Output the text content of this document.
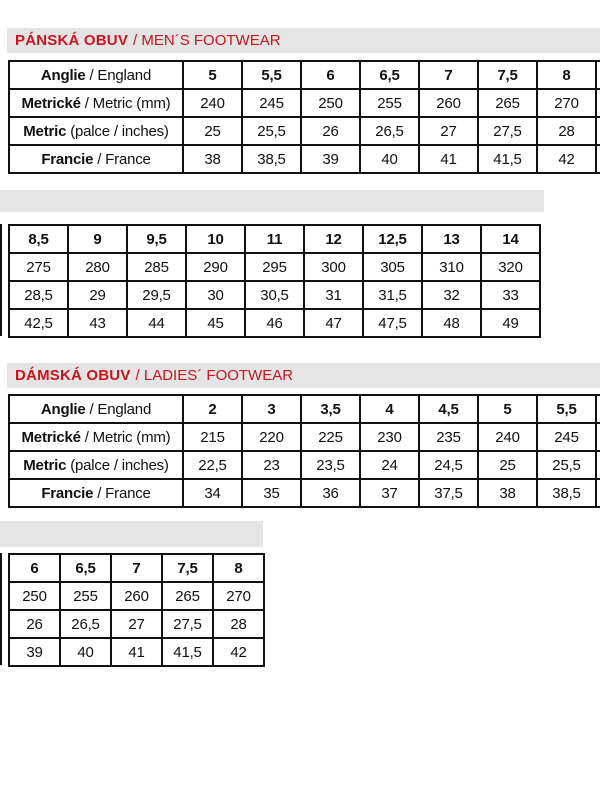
PÁNSKÁ OBUV / MEN´S FOOTWEAR
Anglie / England	5	5,5	6	6,5	7	7,5	8	
Metrické / Metric (mm)	240	245	250	255	260	265	270	
Metric (palce / inches)	25	25,5	26	26,5	27	27,5	28	
Francie / France	38	38,5	39	40	41	41,5	42	
8,5	9	9,5	10	11	12	12,5	13	14
275	280	285	290	295	300	305	310	320
28,5	29	29,5	30	30,5	31	31,5	32	33
42,5	43	44	45	46	47	47,5	48	49
DÁMSKÁ OBUV / LADIES´ FOOTWEAR
Anglie / England	2	3	3,5	4	4,5	5	5,5	
Metrické / Metric (mm)	215	220	225	230	235	240	245	
Metric (palce / inches)	22,5	23	23,5	24	24,5	25	25,5	
Francie / France	34	35	36	37	37,5	38	38,5	
6	6,5	7	7,5	8
250	255	260	265	270
26	26,5	27	27,5	28
39	40	41	41,5	42
